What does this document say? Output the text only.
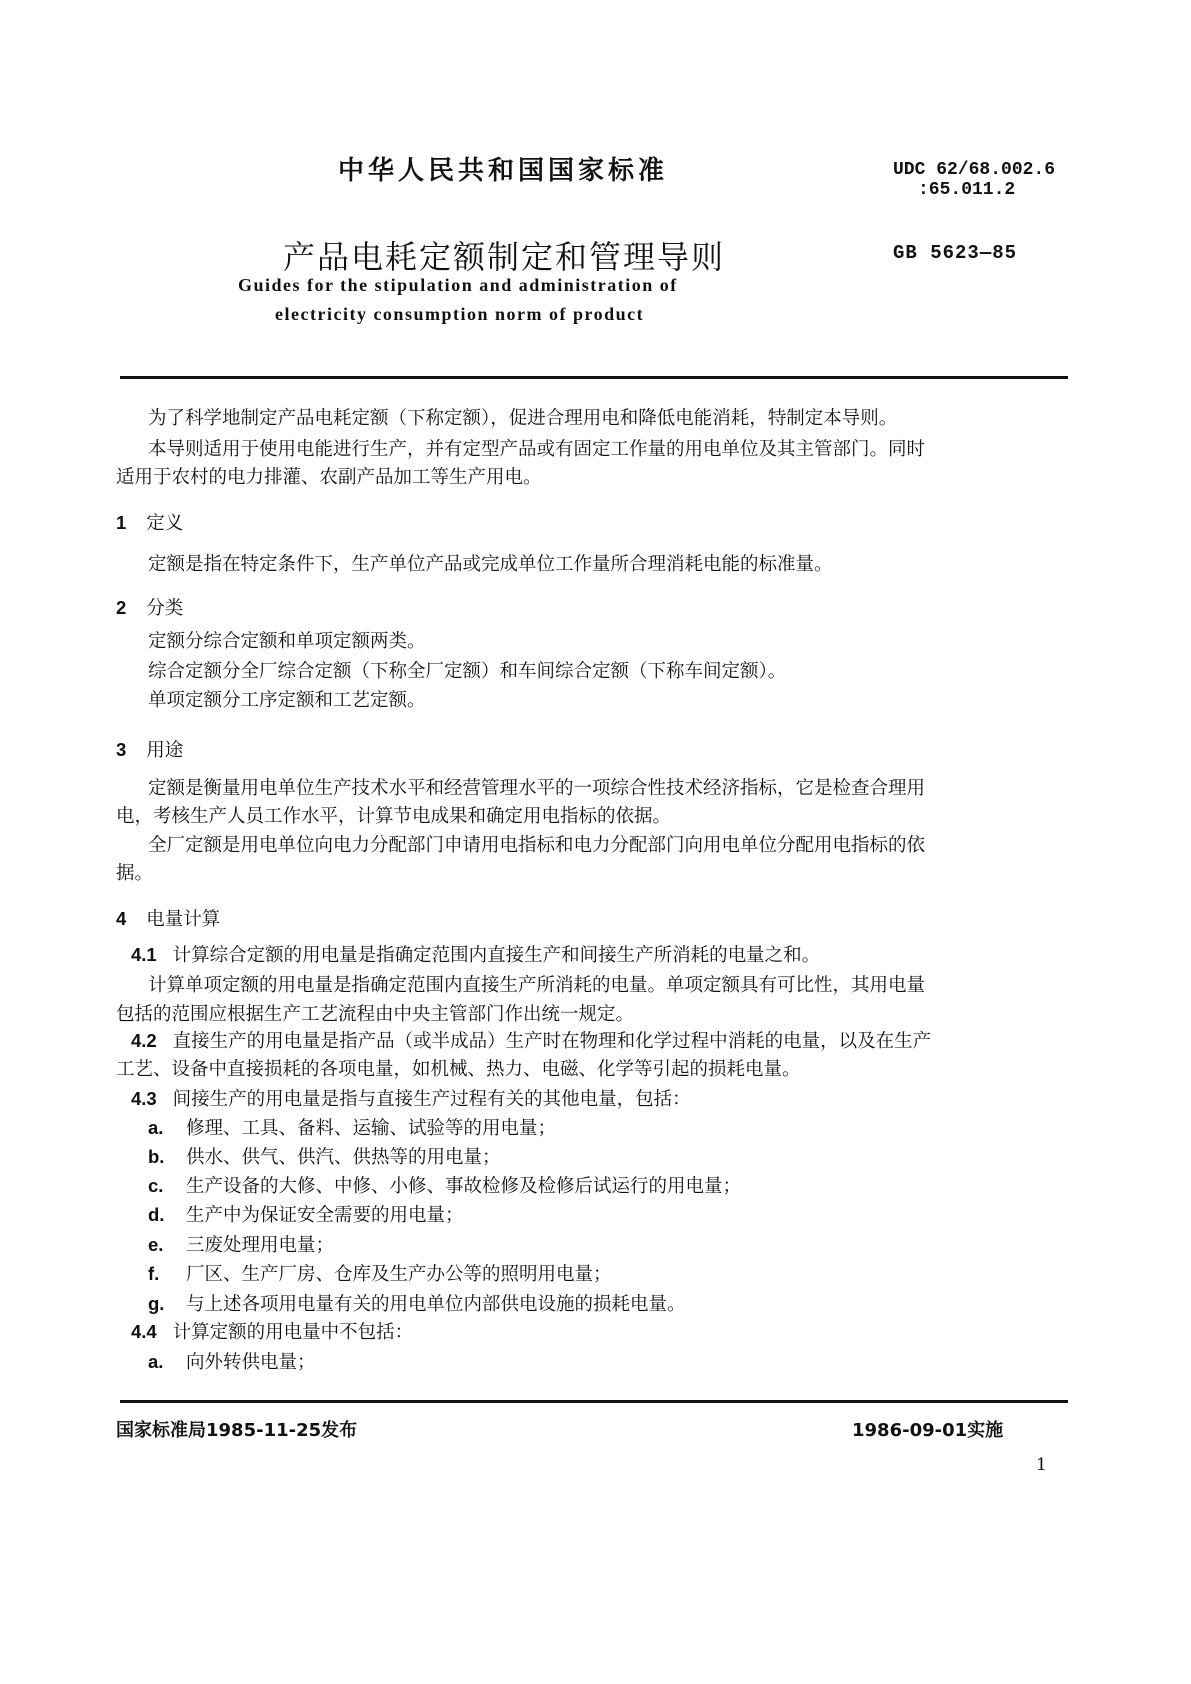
中华人民共和国国家标准	UDC 62/68.002.6
:65.011.2
产品电耗定额制定和管理导则	GB 5623—85
Guides for the stipulation and administration of
electricity consumption norm of product
为了科学地制定产品电耗定额（下称定额），促进合理用电和降低电能消耗，特制定本导则。
本导则适用于使用电能进行生产，并有定型产品或有固定工作量的用电单位及其主管部门。同时
适用于农村的电力排灌、农副产品加工等生产用电。
1 定义
定额是指在特定条件下，生产单位产品或完成单位工作量所合理消耗电能的标准量。
2 分类
定额分综合定额和单项定额两类。
综合定额分全厂综合定额（下称全厂定额）和车间综合定额（下称车间定额）。
单项定额分工序定额和工艺定额。
3 用途
定额是衡量用电单位生产技术水平和经营管理水平的一项综合性技术经济指标，它是检查合理用
电，考核生产人员工作水平，计算节电成果和确定用电指标的依据。
全厂定额是用电单位向电力分配部门申请用电指标和电力分配部门向用电单位分配用电指标的依
据。
4 电量计算
4.1 计算综合定额的用电量是指确定范围内直接生产和间接生产所消耗的电量之和。
计算单项定额的用电量是指确定范围内直接生产所消耗的电量。单项定额具有可比性，其用电量
包括的范围应根据生产工艺流程由中央主管部门作出统一规定。
4.2 直接生产的用电量是指产品（或半成品）生产时在物理和化学过程中消耗的电量，以及在生产
工艺、设备中直接损耗的各项电量，如机械、热力、电磁、化学等引起的损耗电量。
4.3 间接生产的用电量是指与直接生产过程有关的其他电量，包括：
a. 修理、工具、备料、运输、试验等的用电量；
b. 供水、供气、供汽、供热等的用电量；
c. 生产设备的大修、中修、小修、事故检修及检修后试运行的用电量；
d. 生产中为保证安全需要的用电量；
e. 三废处理用电量；
f. 厂区、生产厂房、仓库及生产办公等的照明用电量；
g. 与上述各项用电量有关的用电单位内部供电设施的损耗电量。
4.4 计算定额的用电量中不包括：
a. 向外转供电量；
国家标准局1985-11-25发布	1986-09-01实施
1
